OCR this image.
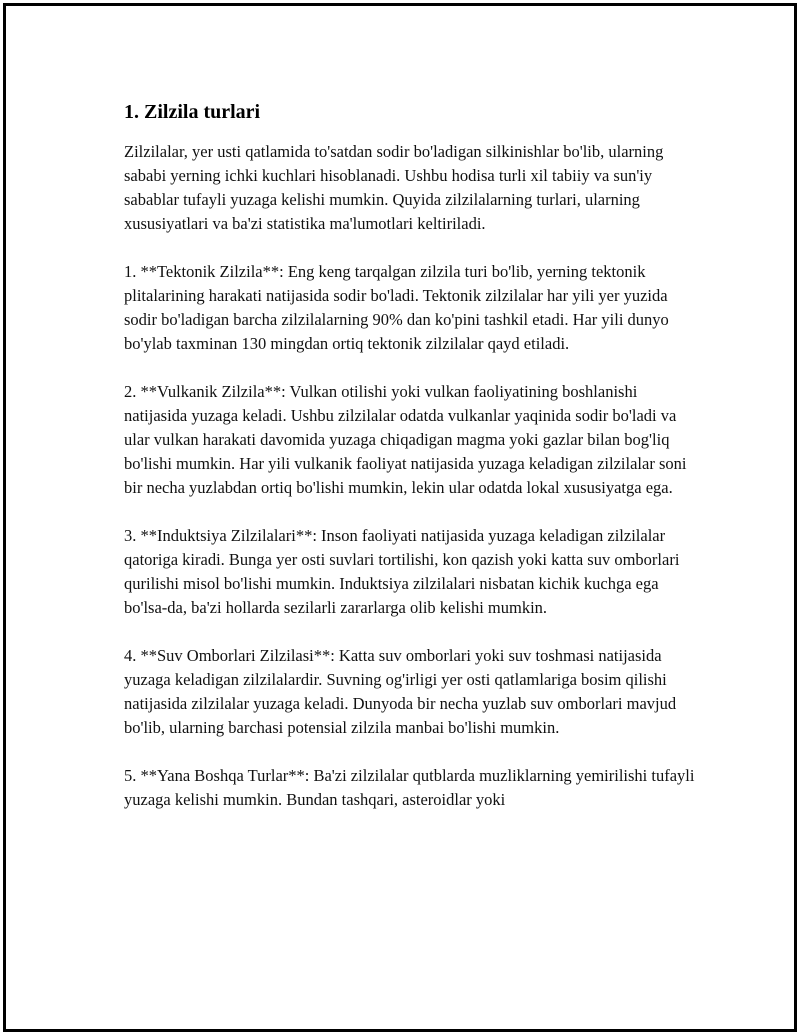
1. Zilzila turlari

Zilzilalar, yer usti qatlamida to'satdan sodir bo'ladigan silkinishlar bo'lib, ularning sababi yerning ichki kuchlari hisoblanadi. Ushbu hodisa turli xil tabiiy va sun'iy sabablar tufayli yuzaga kelishi mumkin. Quyida zilzilalarning turlari, ularning xususiyatlari va ba'zi statistika ma'lumotlari keltiriladi.

1. **Tektonik Zilzila**: Eng keng tarqalgan zilzila turi bo'lib, yerning tektonik plitalarining harakati natijasida sodir bo'ladi. Tektonik zilzilalar har yili yer yuzida sodir bo'ladigan barcha zilzilalarning 90% dan ko'pini tashkil etadi. Har yili dunyo bo'ylab taxminan 130 mingdan ortiq tektonik zilzilalar qayd etiladi.

2. **Vulkanik Zilzila**: Vulkan otilishi yoki vulkan faoliyatining boshlanishi natijasida yuzaga keladi. Ushbu zilzilalar odatda vulkanlar yaqinida sodir bo'ladi va ular vulkan harakati davomida yuzaga chiqadigan magma yoki gazlar bilan bog'liq bo'lishi mumkin. Har yili vulkanik faoliyat natijasida yuzaga keladigan zilzilalar soni bir necha yuzlabdan ortiq bo'lishi mumkin, lekin ular odatda lokal xususiyatga ega.

3. **Induktsiya Zilzilalari**: Inson faoliyati natijasida yuzaga keladigan zilzilalar qatoriga kiradi. Bunga yer osti suvlari tortilishi, kon qazish yoki katta suv omborlari qurilishi misol bo'lishi mumkin. Induktsiya zilzilalari nisbatan kichik kuchga ega bo'lsa-da, ba'zi hollarda sezilarli zararlarga olib kelishi mumkin.

4. **Suv Omborlari Zilzilasi**: Katta suv omborlari yoki suv toshmasi natijasida yuzaga keladigan zilzilalardir. Suvning og'irligi yer osti qatlamlariga bosim qilishi natijasida zilzilalar yuzaga keladi. Dunyoda bir necha yuzlab suv omborlari mavjud bo'lib, ularning barchasi potensial zilzila manbai bo'lishi mumkin.

5. **Yana Boshqa Turlar**: Ba'zi zilzilalar qutblarda muzliklarning yemirilishi tufayli yuzaga kelishi mumkin. Bundan tashqari, asteroidlar yoki
